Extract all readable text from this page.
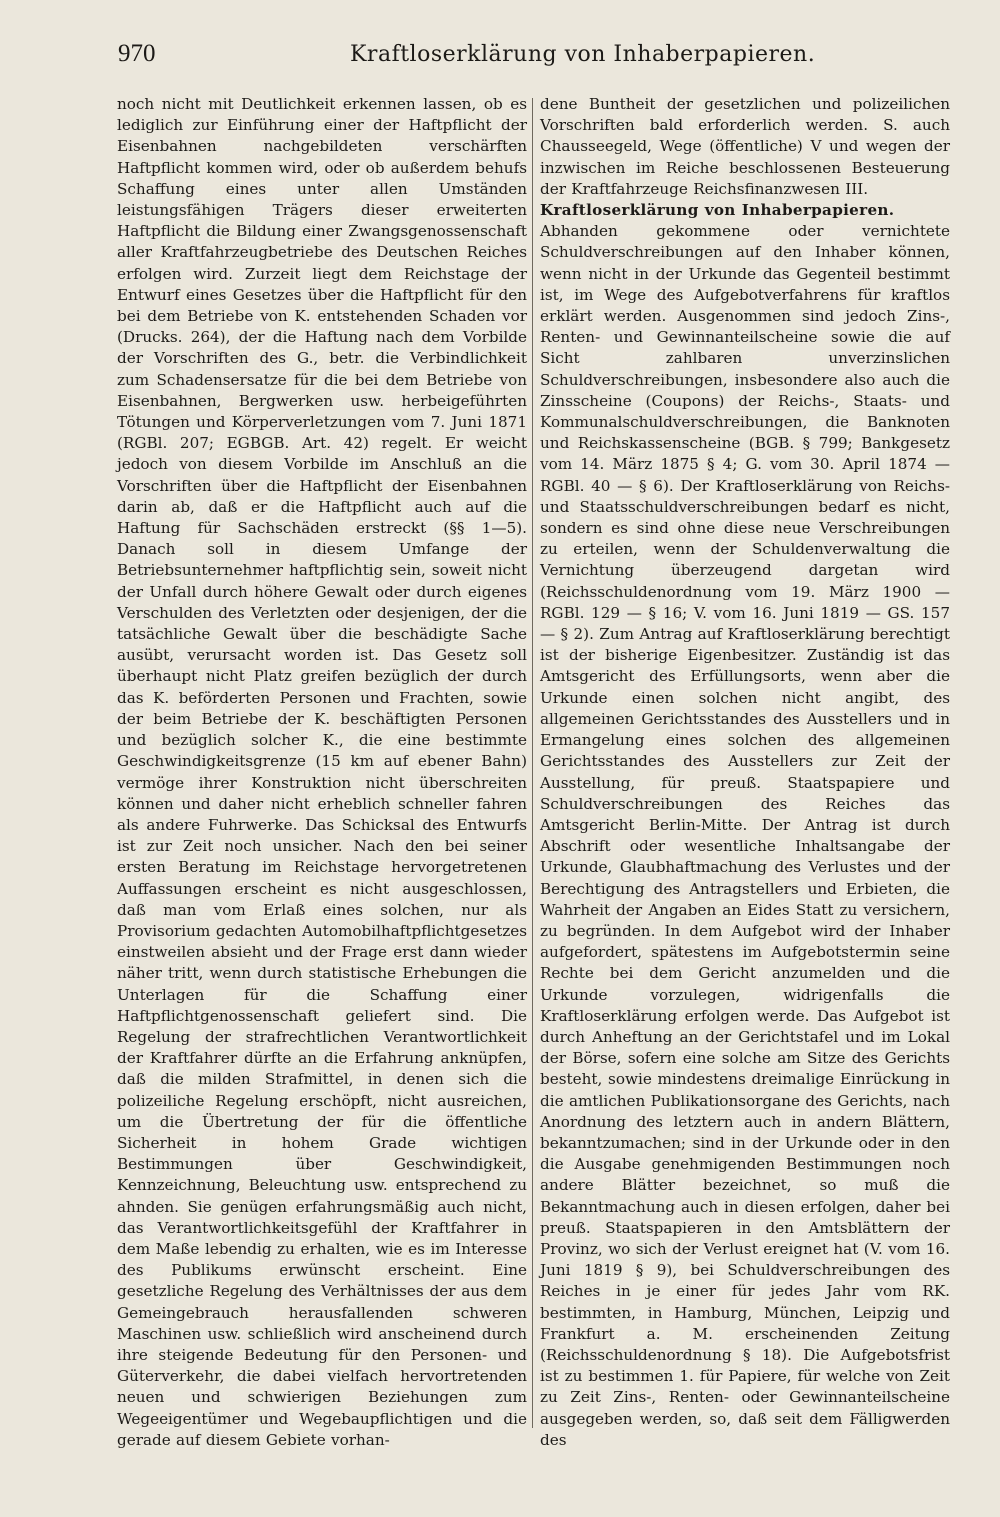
970	Kraftloserklärung von Inhaberpapieren.

noch nicht mit Deutlichkeit erkennen lassen, ob es lediglich zur Einführung einer der Haftpflicht der Eisenbahnen nachgebildeten verschärften Haftpflicht kommen wird, oder ob außerdem behufs Schaffung eines unter allen Umständen leistungsfähigen Trägers dieser erweiterten Haftpflicht die Bildung einer Zwangsgenossenschaft aller Kraftfahrzeugbetriebe des Deutschen Reiches erfolgen wird. Zurzeit liegt dem Reichstage der Entwurf eines Gesetzes über die Haftpflicht für den bei dem Betriebe von K. entstehenden Schaden vor (Drucks. 264), der die Haftung nach dem Vorbilde der Vorschriften des G., betr. die Verbindlichkeit zum Schadensersatze für die bei dem Betriebe von Eisenbahnen, Bergwerken usw. herbeigeführten Tötungen und Körperverletzungen vom 7. Juni 1871 (RGBl. 207; EGBGB. Art. 42) regelt. Er weicht jedoch von diesem Vorbilde im Anschluß an die Vorschriften über die Haftpflicht der Eisenbahnen darin ab, daß er die Haftpflicht auch auf die Haftung für Sachschäden erstreckt (§§ 1—5). Danach soll in diesem Umfange der Betriebsunternehmer haftpflichtig sein, soweit nicht der Unfall durch höhere Gewalt oder durch eigenes Verschulden des Verletzten oder desjenigen, der die tatsächliche Gewalt über die beschädigte Sache ausübt, verursacht worden ist. Das Gesetz soll überhaupt nicht Platz greifen bezüglich der durch das K. beförderten Personen und Frachten, sowie der beim Betriebe der K. beschäftigten Personen und bezüglich solcher K., die eine bestimmte Geschwindigkeitsgrenze (15 km auf ebener Bahn) vermöge ihrer Konstruktion nicht überschreiten können und daher nicht erheblich schneller fahren als andere Fuhrwerke. Das Schicksal des Entwurfs ist zur Zeit noch unsicher. Nach den bei seiner ersten Beratung im Reichstage hervorgetretenen Auffassungen erscheint es nicht ausgeschlossen, daß man vom Erlaß eines solchen, nur als Provisorium gedachten Automobilhaftpflichtgesetzes einstweilen absieht und der Frage erst dann wieder näher tritt, wenn durch statistische Erhebungen die Unterlagen für die Schaffung einer Haftpflichtgenossenschaft geliefert sind. Die Regelung der strafrechtlichen Verantwortlichkeit der Kraftfahrer dürfte an die Erfahrung anknüpfen, daß die milden Strafmittel, in denen sich die polizeiliche Regelung erschöpft, nicht ausreichen, um die Übertretung der für die öffentliche Sicherheit in hohem Grade wichtigen Bestimmungen über Geschwindigkeit, Kennzeichnung, Beleuchtung usw. entsprechend zu ahnden. Sie genügen erfahrungsmäßig auch nicht, das Verantwortlichkeitsgefühl der Kraftfahrer in dem Maße lebendig zu erhalten, wie es im Interesse des Publikums erwünscht erscheint. Eine gesetzliche Regelung des Verhältnisses der aus dem Gemeingebrauch herausfallenden schweren Maschinen usw. schließlich wird anscheinend durch ihre steigende Bedeutung für den Personen- und Güterverkehr, die dabei vielfach hervortretenden neuen und schwierigen Beziehungen zum Wegeeigentümer und Wegebaupflichtigen und die gerade auf diesem Gebiete vorhan-

dene Buntheit der gesetzlichen und polizeilichen Vorschriften bald erforderlich werden. S. auch Chausseegeld, Wege (öffentliche) V und wegen der inzwischen im Reiche beschlossenen Besteuerung der Kraftfahrzeuge Reichsfinanzwesen III.

Kraftloserklärung von Inhaberpapieren.

Abhanden gekommene oder vernichtete Schuldverschreibungen auf den Inhaber können, wenn nicht in der Urkunde das Gegenteil bestimmt ist, im Wege des Aufgebotverfahrens für kraftlos erklärt werden. Ausgenommen sind jedoch Zins-, Renten- und Gewinnanteilscheine sowie die auf Sicht zahlbaren unverzinslichen Schuldverschreibungen, insbesondere also auch die Zinsscheine (Coupons) der Reichs-, Staats- und Kommunalschuldverschreibungen, die Banknoten und Reichskassenscheine (BGB. § 799; Bankgesetz vom 14. März 1875 § 4; G. vom 30. April 1874 — RGBl. 40 — § 6). Der Kraftloserklärung von Reichs- und Staatsschuldverschreibungen bedarf es nicht, sondern es sind ohne diese neue Verschreibungen zu erteilen, wenn der Schuldenverwaltung die Vernichtung überzeugend dargetan wird (Reichsschuldenordnung vom 19. März 1900 — RGBl. 129 — § 16; V. vom 16. Juni 1819 — GS. 157 — § 2). Zum Antrag auf Kraftloserklärung berechtigt ist der bisherige Eigenbesitzer. Zuständig ist das Amtsgericht des Erfüllungsorts, wenn aber die Urkunde einen solchen nicht angibt, des allgemeinen Gerichtsstandes des Ausstellers und in Ermangelung eines solchen des allgemeinen Gerichtsstandes des Ausstellers zur Zeit der Ausstellung, für preuß. Staatspapiere und Schuldverschreibungen des Reiches das Amtsgericht Berlin-Mitte. Der Antrag ist durch Abschrift oder wesentliche Inhaltsangabe der Urkunde, Glaubhaftmachung des Verlustes und der Berechtigung des Antragstellers und Erbieten, die Wahrheit der Angaben an Eides Statt zu versichern, zu begründen. In dem Aufgebot wird der Inhaber aufgefordert, spätestens im Aufgebotstermin seine Rechte bei dem Gericht anzumelden und die Urkunde vorzulegen, widrigenfalls die Kraftloserklärung erfolgen werde. Das Aufgebot ist durch Anheftung an der Gerichtstafel und im Lokal der Börse, sofern eine solche am Sitze des Gerichts besteht, sowie mindestens dreimalige Einrückung in die amtlichen Publikationsorgane des Gerichts, nach Anordnung des letztern auch in andern Blättern, bekanntzumachen; sind in der Urkunde oder in den die Ausgabe genehmigenden Bestimmungen noch andere Blätter bezeichnet, so muß die Bekanntmachung auch in diesen erfolgen, daher bei preuß. Staatspapieren in den Amtsblättern der Provinz, wo sich der Verlust ereignet hat (V. vom 16. Juni 1819 § 9), bei Schuldverschreibungen des Reiches in je einer für jedes Jahr vom RK. bestimmten, in Hamburg, München, Leipzig und Frankfurt a. M. erscheinenden Zeitung (Reichsschuldenordnung § 18). Die Aufgebotsfrist ist zu bestimmen 1. für Papiere, für welche von Zeit zu Zeit Zins-, Renten- oder Gewinnanteilscheine ausgegeben werden, so, daß seit dem Fälligwerden des
